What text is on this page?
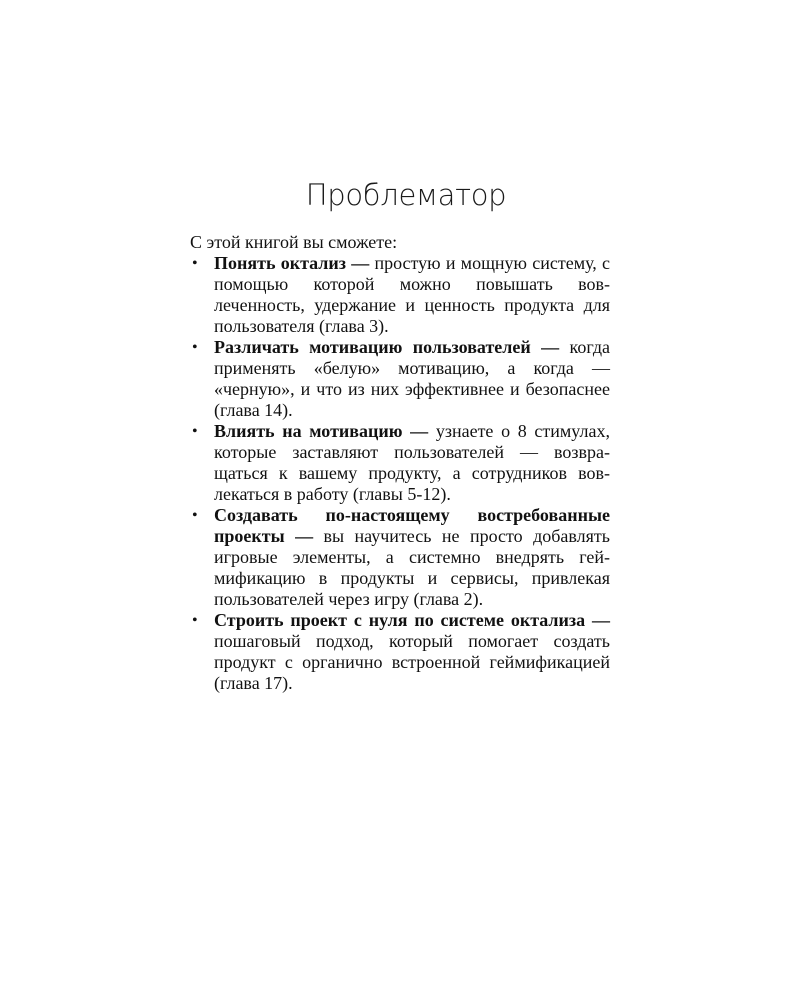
Проблематор

С этой книгой вы сможете:

• Понять октализ — простую и мощную систему, с помощью которой можно повышать вовлеченность, удержание и ценность продукта для пользователя (глава 3).
• Различать мотивацию пользователей — когда применять «белую» мотивацию, а когда — «черную», и что из них эффективнее и безопаснее (глава 14).
• Влиять на мотивацию — узнаете о 8 стимулах, которые заставляют пользователей — возвращаться к вашему продукту, а сотрудников вовлекаться в работу (главы 5-12).
• Создавать по-настоящему востребованные проекты — вы научитесь не просто добавлять игровые элементы, а системно внедрять геймификацию в продукты и сервисы, привлекая пользователей через игру (глава 2).
• Строить проект с нуля по системе октализа — пошаговый подход, который помогает создать продукт с органично встроенной геймификацией (глава 17).
